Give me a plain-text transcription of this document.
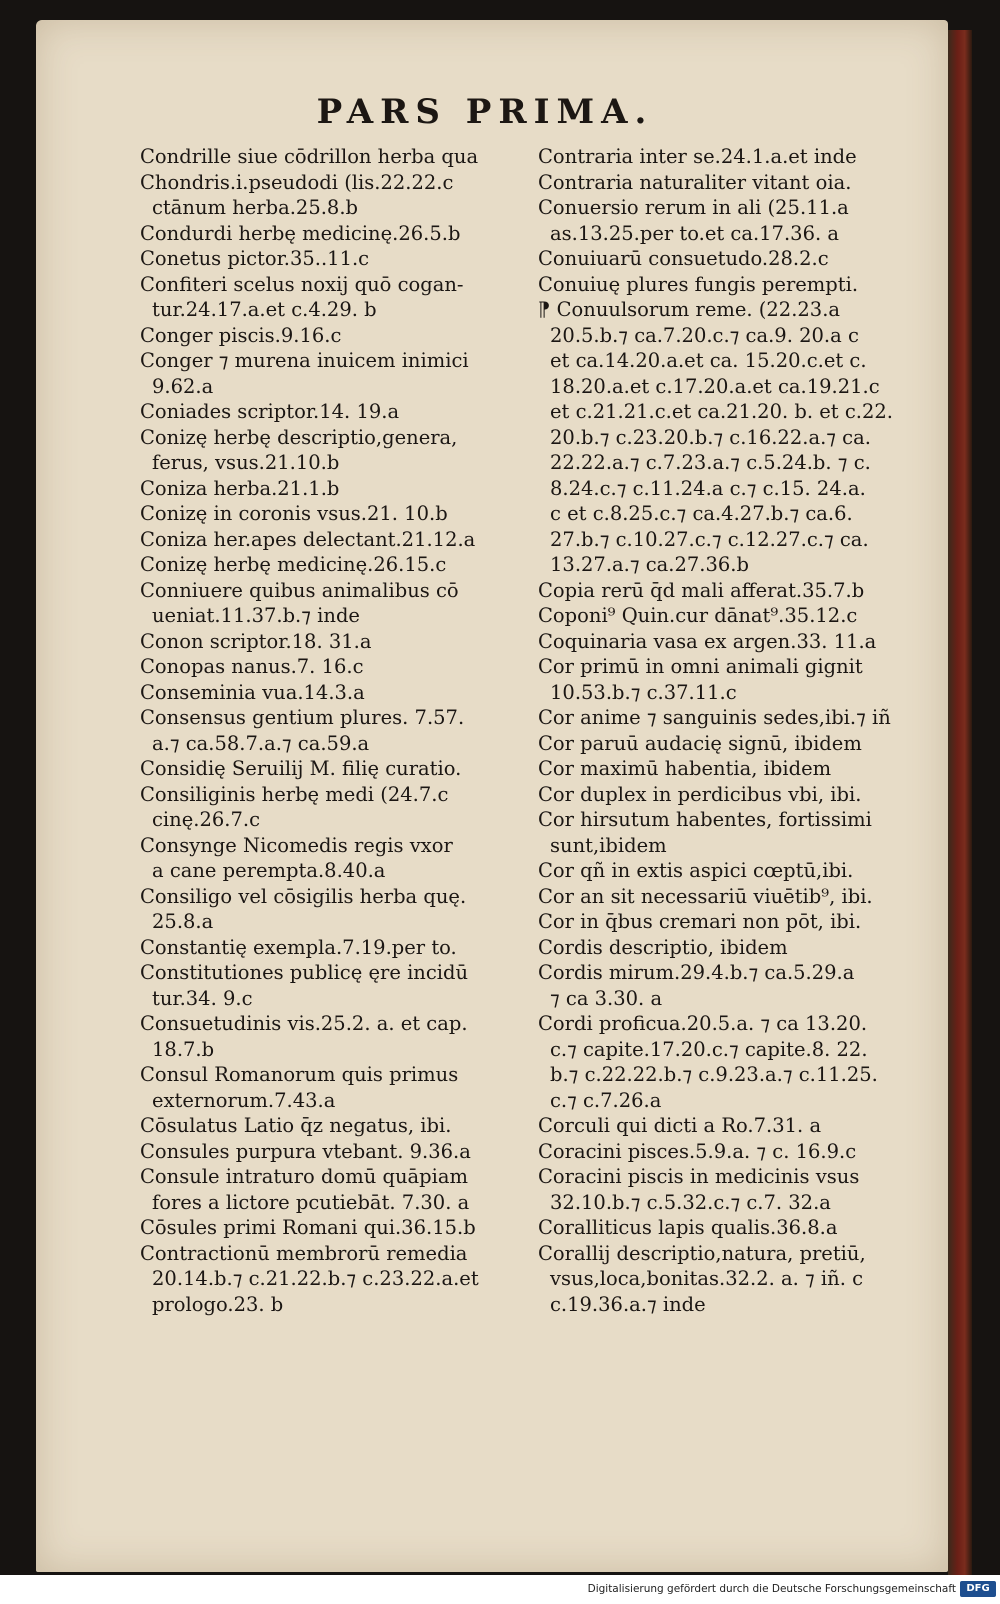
PARS PRIMA.
Condrille siue cōdrillon herba qua
Chondris.i.pseudodi (lis.22.22.c
ctānum herba.25.8.b
Condurdi herbę medicinę.26.5.b
Conetus pictor.35..11.c
Confiteri scelus noxij quō cogan-
tur.24.17.a.et c.4.29. b
Conger piscis.9.16.c
Conger ⁊ murena inuicem inimici
9.62.a
Coniades scriptor.14. 19.a
Conizę herbę descriptio,genera,
ferus, vsus.21.10.b
Coniza herba.21.1.b
Conizę in coronis vsus.21. 10.b
Coniza her.apes delectant.21.12.a
Conizę herbę medicinę.26.15.c
Conniuere quibus animalibus cō
ueniat.11.37.b.⁊ inde
Conon scriptor.18. 31.a
Conopas nanus.7. 16.c
Conseminia vua.14.3.a
Consensus gentium plures. 7.57.
a.⁊ ca.58.7.a.⁊ ca.59.a
Considię Seruilij M. filię curatio.
Consiliginis herbę medi (24.7.c
cinę.26.7.c
Consynge Nicomedis regis vxor
a cane perempta.8.40.a
Consiligo vel cōsigilis herba quę.
25.8.a
Constantię exempla.7.19.per to.
Constitutiones publicę ęre incidū
tur.34. 9.c
Consuetudinis vis.25.2. a. et cap.
18.7.b
Consul Romanorum quis primus
externorum.7.43.a
Cōsulatus Latio q̄z negatus, ibi.
Consules purpura vtebant. 9.36.a
Consule intraturo domū quāpiam
fores a lictore pcutiebāt. 7.30. a
Cōsules primi Romani qui.36.15.b
Contractionū membrorū remedia
20.14.b.⁊ c.21.22.b.⁊ c.23.22.a.et
prologo.23. b
Contraria inter se.24.1.a.et inde
Contraria naturaliter vitant oia.
Conuersio rerum in ali (25.11.a
as.13.25.per to.et ca.17.36. a
Conuiuarū consuetudo.28.2.c
Conuiuę plures fungis perempti.
⁋ Conuulsorum reme. (22.23.a
20.5.b.⁊ ca.7.20.c.⁊ ca.9. 20.a c
et ca.14.20.a.et ca. 15.20.c.et c.
18.20.a.et c.17.20.a.et ca.19.21.c
et c.21.21.c.et ca.21.20. b. et c.22.
20.b.⁊ c.23.20.b.⁊ c.16.22.a.⁊ ca.
22.22.a.⁊ c.7.23.a.⁊ c.5.24.b. ⁊ c.
8.24.c.⁊ c.11.24.a c.⁊ c.15. 24.a.
c et c.8.25.c.⁊ ca.4.27.b.⁊ ca.6.
27.b.⁊ c.10.27.c.⁊ c.12.27.c.⁊ ca.
13.27.a.⁊ ca.27.36.b
Copia rerū q̄d mali afferat.35.7.b
Coponi⁹ Quin.cur dānat⁹.35.12.c
Coquinaria vasa ex argen.33. 11.a
Cor primū in omni animali gignit
10.53.b.⁊ c.37.11.c
Cor anime ⁊ sanguinis sedes,ibi.⁊ iñ
Cor paruū audacię signū, ibidem
Cor maximū habentia, ibidem
Cor duplex in perdicibus vbi, ibi.
Cor hirsutum habentes, fortissimi
sunt,ibidem
Cor qñ in extis aspici cœptū,ibi.
Cor an sit necessariū viuētib⁹, ibi.
Cor in q̄bus cremari non pōt, ibi.
Cordis descriptio, ibidem
Cordis mirum.29.4.b.⁊ ca.5.29.a
⁊ ca 3.30. a
Cordi proficua.20.5.a. ⁊ ca 13.20.
c.⁊ capite.17.20.c.⁊ capite.8. 22.
b.⁊ c.22.22.b.⁊ c.9.23.a.⁊ c.11.25.
c.⁊ c.7.26.a
Corculi qui dicti a Ro.7.31. a
Coracini pisces.5.9.a. ⁊ c. 16.9.c
Coracini piscis in medicinis vsus
32.10.b.⁊ c.5.32.c.⁊ c.7. 32.a
Coralliticus lapis qualis.36.8.a
Corallij descriptio,natura, pretiū,
vsus,loca,bonitas.32.2. a. ⁊ iñ. c
c.19.36.a.⁊ inde
Digitalisierung gefördert durch die Deutsche Forschungsgemeinschaft	DFG
